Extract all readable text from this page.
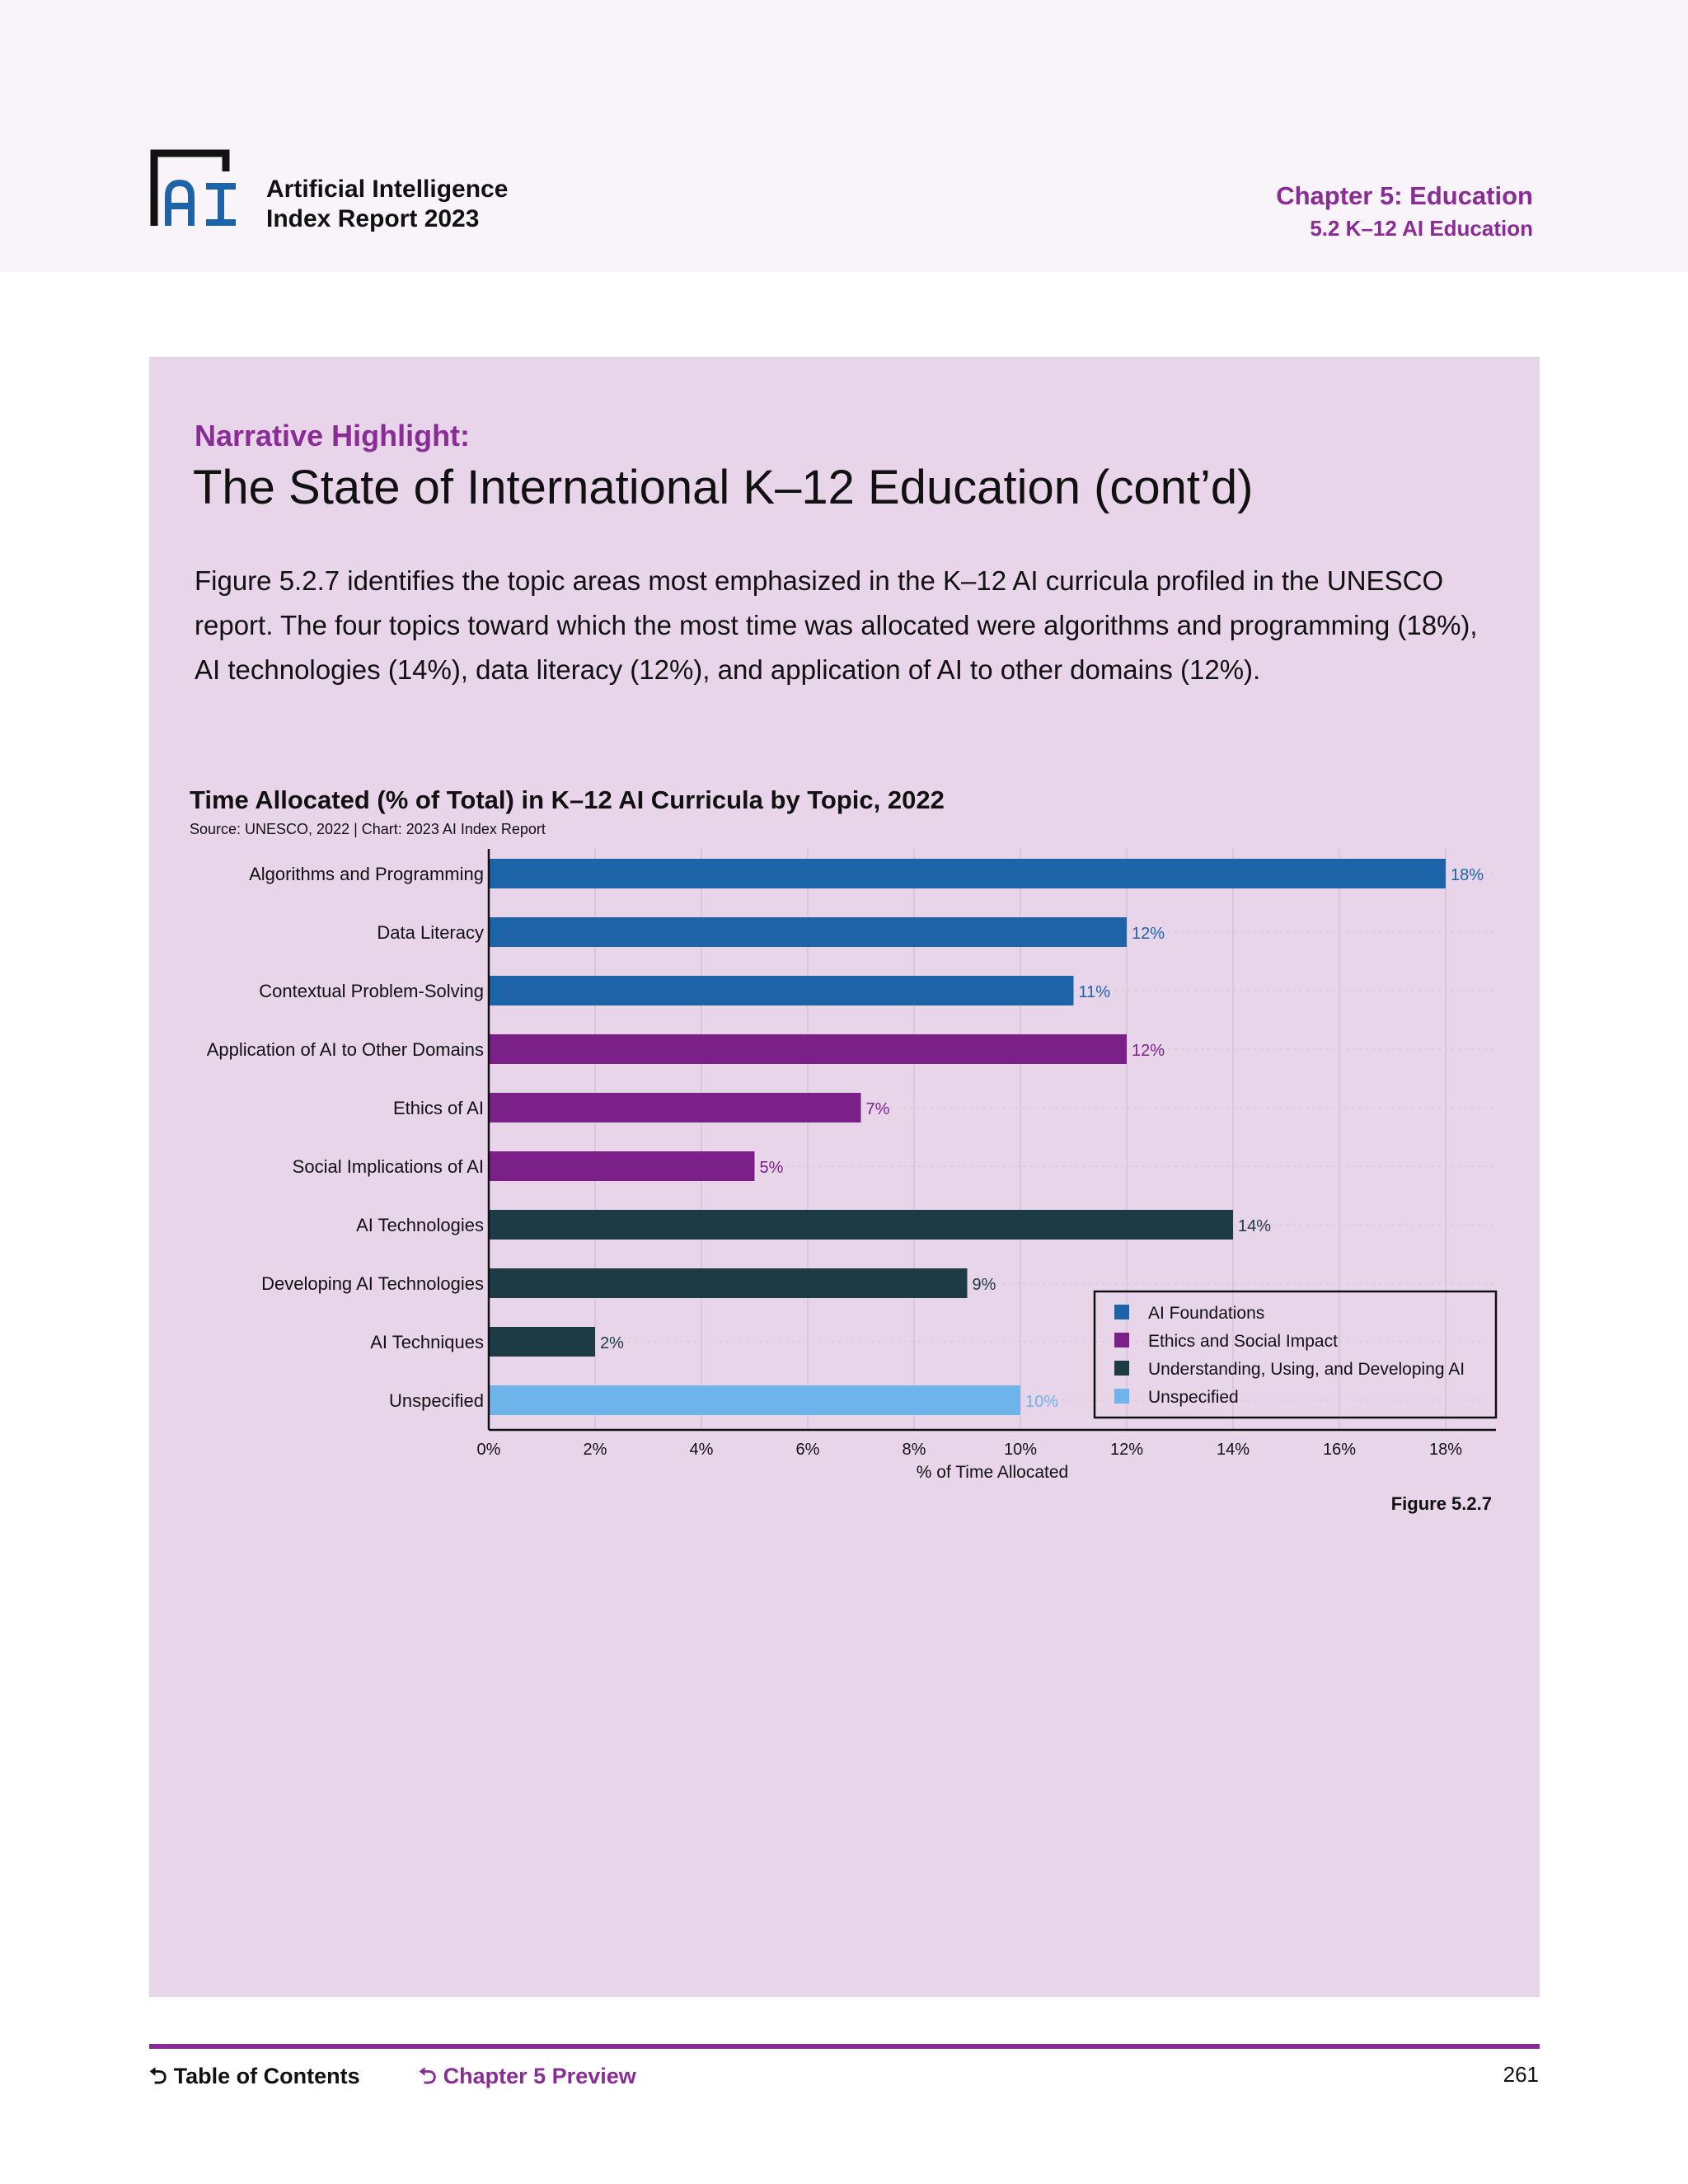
Artificial Intelligence
Index Report 2023
Chapter 5: Education
5.2 K–12 AI Education
Narrative Highlight:
The State of International K–12 Education (cont’d)
Figure 5.2.7 identifies the topic areas most emphasized in the K–12 AI curricula profiled in the UNESCO report. The four topics toward which the most time was allocated were algorithms and programming (18%), AI technologies (14%), data literacy (12%), and application of AI to other domains (12%).
Time Allocated (% of Total) in K–12 AI Curricula by Topic, 2022
Source: UNESCO, 2022 | Chart: 2023 AI Index Report
Algorithms and Programming	18%
Data Literacy	12%
Contextual Problem-Solving	11%
Application of AI to Other Domains	12%
Ethics of AI	7%
Social Implications of AI	5%
AI Technologies	14%
Developing AI Technologies	9%
AI Techniques	2%
Unspecified	10%
0%	2%	4%	6%	8%	10%	12%	14%	16%	18%
% of Time Allocated
AI Foundations
Ethics and Social Impact
Understanding, Using, and Developing AI
Unspecified
Figure 5.2.7
⮌ Table of Contents	⮌ Chapter 5 Preview	261
